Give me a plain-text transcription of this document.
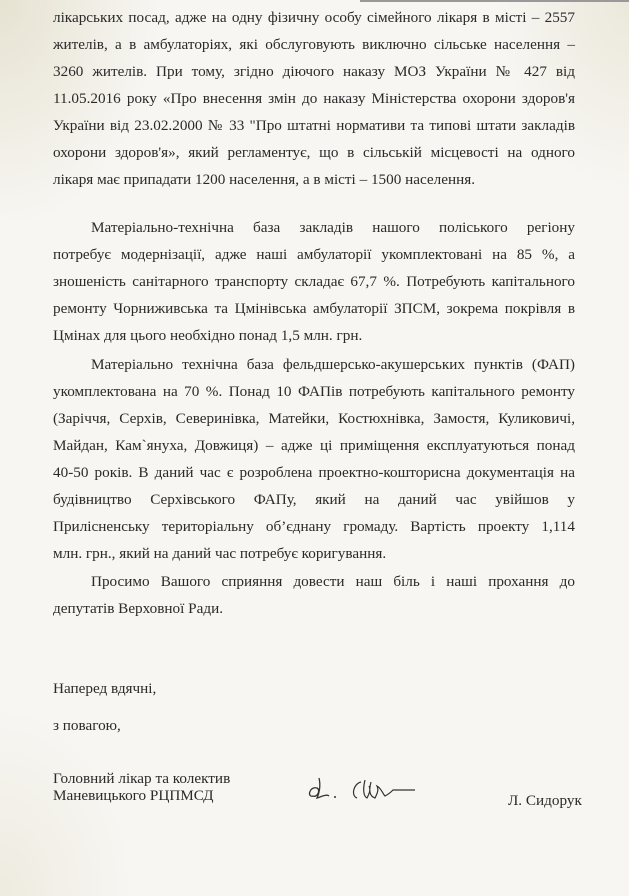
лікарських посад, адже на одну фізичну особу сімейного лікаря в місті – 2557
жителів, а в амбулаторіях, які обслуговують виключно сільське населення –
3260 жителів. При тому, згідно діючого наказу МОЗ України № 427 від
11.05.2016 року «Про внесення змін до наказу Міністерства охорони здоров'я
України від 23.02.2000 № 33 "Про штатні нормативи та типові штати закладів
охорони здоров'я», який регламентує, що в сільській місцевості на одного
лікаря має припадати 1200 населення, а в місті – 1500 населення.
Матеріально-технічна база закладів нашого поліського регіону
потребує модернізації, адже наші амбулаторії укомплектовані на 85 %, а
зношеність санітарного транспорту складає 67,7 %. Потребують капітального
ремонту Чорниживська та Цмінівська амбулаторії ЗПСМ, зокрема покрівля в
Цмінах для цього необхідно понад 1,5 млн. грн.
Матеріально технічна база фельдшерсько-акушерських пунктів (ФАП)
укомплектована на 70 %. Понад 10 ФАПів потребують капітального ремонту
(Заріччя, Серхів, Северинівка, Матейки, Костюхнівка, Замостя, Куликовичі,
Майдан, Кам`януха, Довжиця) – адже ці приміщення експлуатуються понад
40-50 років. В даний час є розроблена проектно-кошторисна документація на
будівництво Серхівського ФАПу, який на даний час увійшов у
Прилісненську територіальну об’єднану громаду. Вартість проекту 1,114
млн. грн., який на даний час потребує коригування.
Просимо Вашого сприяння довести наш біль і наші прохання до
депутатів Верховної Ради.
Наперед вдячні,
з повагою,
Головний лікар та колектив
Маневицького РЦПМСД	Л. Сидорук
